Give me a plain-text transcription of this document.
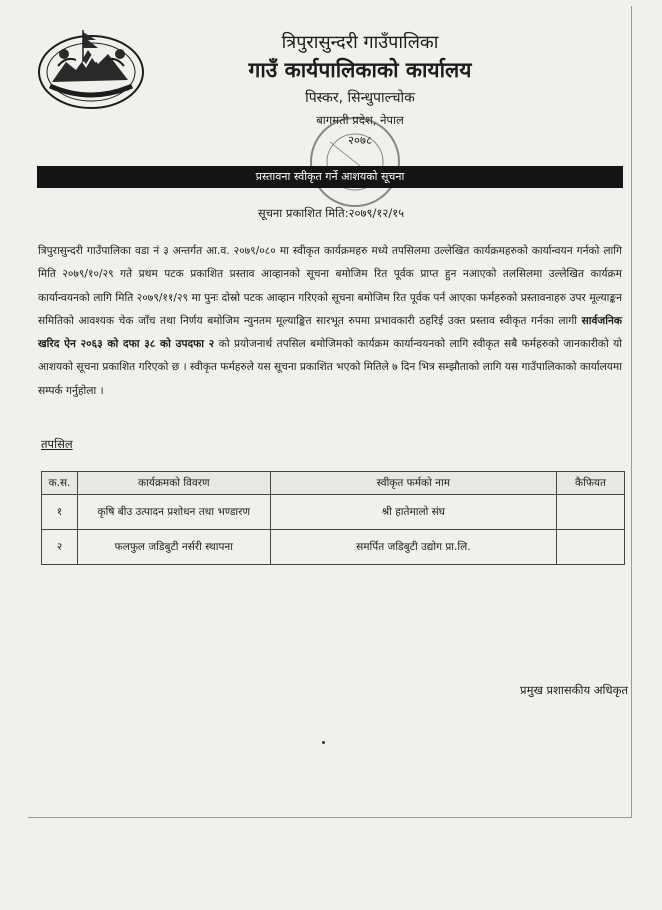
त्रिपुरासुन्दरी गाउँपालिका
गाउँ कार्यपालिकाको कार्यालय
पिस्कर, सिन्धुपाल्चोक
बागमती प्रदेश, नेपाल
२०७८
प्रस्तावना स्वीकृत गर्ने आशयको सूचना
सूचना प्रकाशित मिति:२०७९/१२/१५
त्रिपुरासुन्दरी गाउँपालिका वडा नं ३ अन्तर्गत आ.व. २०७९/०८० मा स्वीकृत कार्यक्रमहरु मध्ये तपसिलमा उल्लेखित कार्यक्रमहरुको कार्यान्वयन गर्नको लागि मिति २०७९/१०/२९ गते प्रथम पटक प्रकाशित प्रस्ताव आव्हानको सूचना बमोजिम रित पूर्वक प्राप्त हुन नआएको तलसिलमा उल्लेखित कार्यक्रम कार्यान्वयनको लागि मिति २०७९/११/२९ मा पुनः दोस्रो पटक आव्हान गरिएको सूचना बमोजिम रित पूर्वक पर्न आएका फर्महरुको प्रस्तावनाहरु उपर मूल्याङ्कन समितिको आवश्यक चेक जाँच तथा निर्णय बमोजिम न्युनतम मूल्याङ्कित सारभूत रुपमा प्रभावकारी ठहरिई उक्त प्रस्ताव स्वीकृत गर्नका लागी सार्वजनिक खरिद ऐन २०६३ को दफा ३८ को उपदफा २ को प्रयोजनार्थ तपसिल बमोजिमको कार्यक्रम कार्यान्वयनको लागि स्वीकृत सबै फर्महरुको जानकारीको यो आशयको सूचना प्रकाशित गरिएको छ । स्वीकृत फर्महरुले यस सूचना प्रकाशित भएको मितिले ७ दिन भित्र सम्झौताको लागि यस गाउँपालिकाको कार्यालयमा सम्पर्क गर्नुहोला ।
तपसिल
क.स.	कार्यक्रमको विवरण	स्वीकृत फर्मको नाम	कैफियत
१	कृषि बीउ उत्पादन प्रशोधन तथा भण्डारण	श्री हातेमालो संघ	
२	फलफुल जडिबुटी नर्सरी स्थापना	समर्पित जडिबुटी उद्योग प्रा.लि.	
प्रमुख प्रशासकीय अधिकृत
